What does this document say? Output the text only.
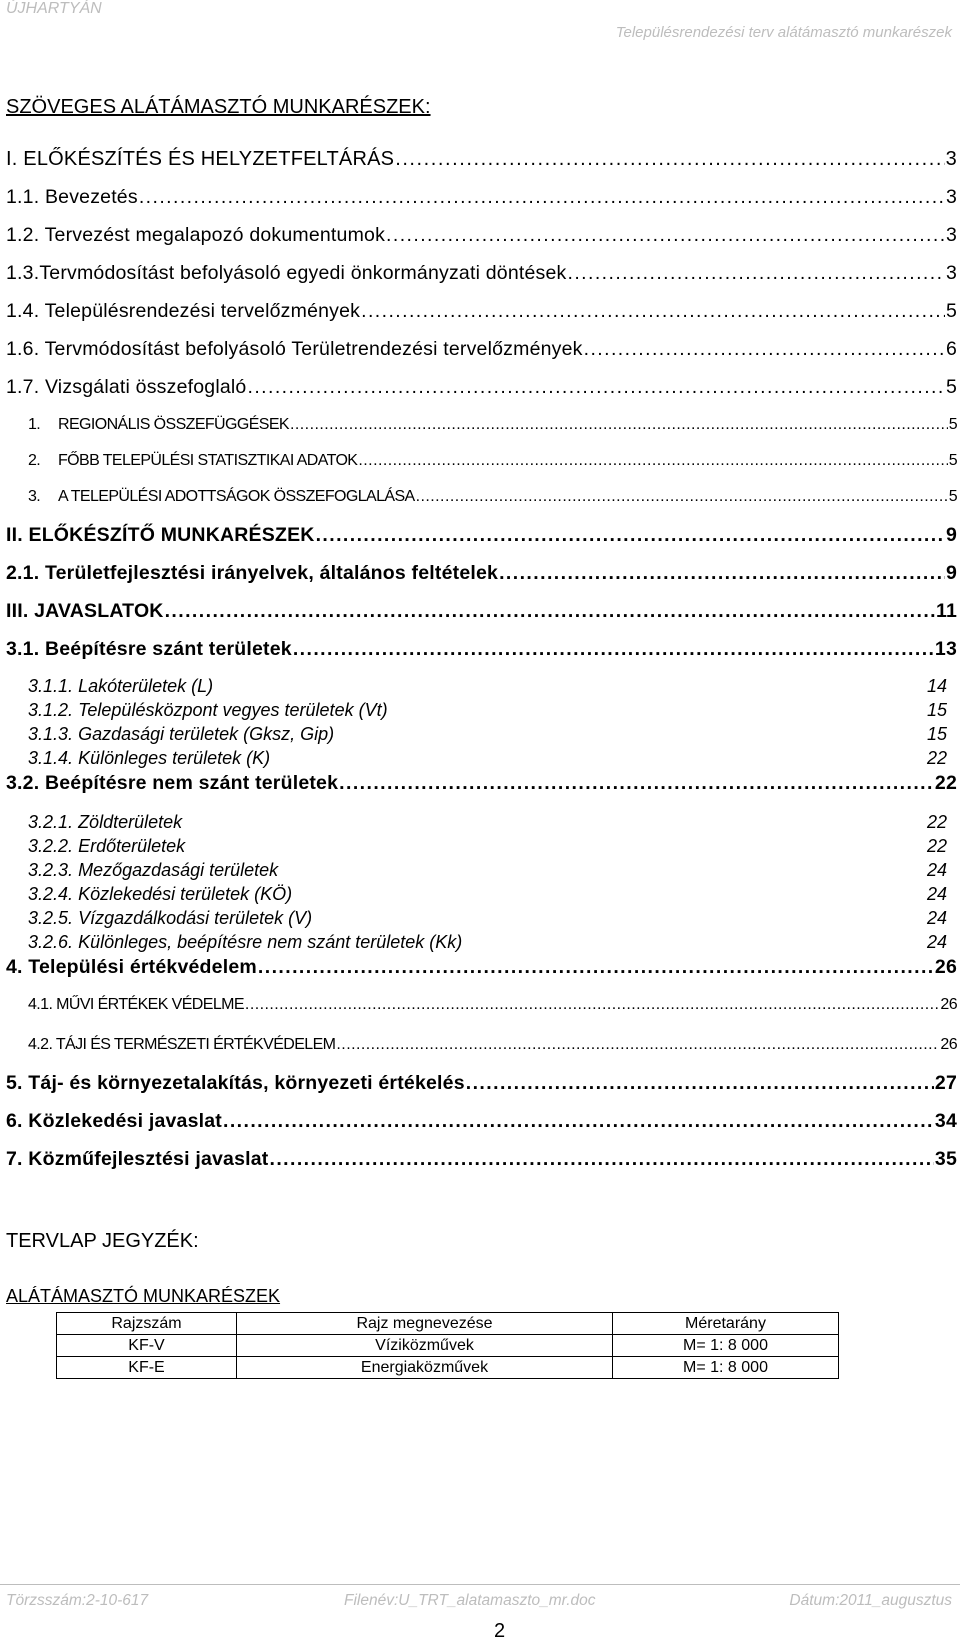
ÚJHARTYÁN
Településrendezési terv alátámasztó munkarészek
SZÖVEGES ALÁTÁMASZTÓ MUNKARÉSZEK:
I. ELŐKÉSZÍTÉS ÉS HELYZETFELTÁRÁS . . .	3
1.1. Bevezetés . . .	3
1.2. Tervezést megalapozó dokumentumok . . .	3
1.3.Tervmódosítást befolyásoló egyedi önkormányzati döntések . . .	3
1.4. Településrendezési tervelőzmények . . .	5
1.6. Tervmódosítást befolyásoló Területrendezési tervelőzmények . . .	6
1.7. Vizsgálati összefoglaló . . .	5
1. REGIONÁLIS ÖSSZEFÜGGÉSEK . . .	5
2. FŐBB TELEPÜLÉSI STATISZTIKAI ADATOK . . .	5
3. A TELEPÜLÉSI ADOTTSÁGOK ÖSSZEFOGLALÁSA . . .	5
II. ELŐKÉSZÍTŐ MUNKARÉSZEK . . .	9
2.1. Területfejlesztési irányelvek, általános feltételek . . .	9
III. JAVASLATOK . . .	11
3.1. Beépítésre szánt területek . . .	13
3.1.1. Lakóterületek (L)	14
3.1.2. Településközpont vegyes területek (Vt)	15
3.1.3. Gazdasági területek (Gksz, Gip)	15
3.1.4. Különleges területek (K)	22
3.2. Beépítésre nem szánt területek . . .	22
3.2.1. Zöldterületek	22
3.2.2. Erdőterületek	22
3.2.3. Mezőgazdasági területek	24
3.2.4. Közlekedési területek (KÖ)	24
3.2.5. Vízgazdálkodási területek (V)	24
3.2.6. Különleges, beépítésre nem szánt területek (Kk)	24
4. Települési értékvédelem . . .	26
4.1. MŰVI ÉRTÉKEK VÉDELME . . .	26
4.2. TÁJI ÉS TERMÉSZETI ÉRTÉKVÉDELEM . . .	26
5. Táj- és környezetalakítás, környezeti értékelés . . .	27
6. Közlekedési javaslat . . .	34
7. Közműfejlesztési javaslat . . .	35
TERVLAP JEGYZÉK:
ALÁTÁMASZTÓ MUNKARÉSZEK
Rajzszám	Rajz megnevezése	Méretarány
KF-V	Víziközművek	M= 1: 8 000
KF-E	Energiaközművek	M= 1: 8 000
Törzsszám:2-10-617	Filenév:U_TRT_alatamaszto_mr.doc	Dátum:2011_augusztus
2
